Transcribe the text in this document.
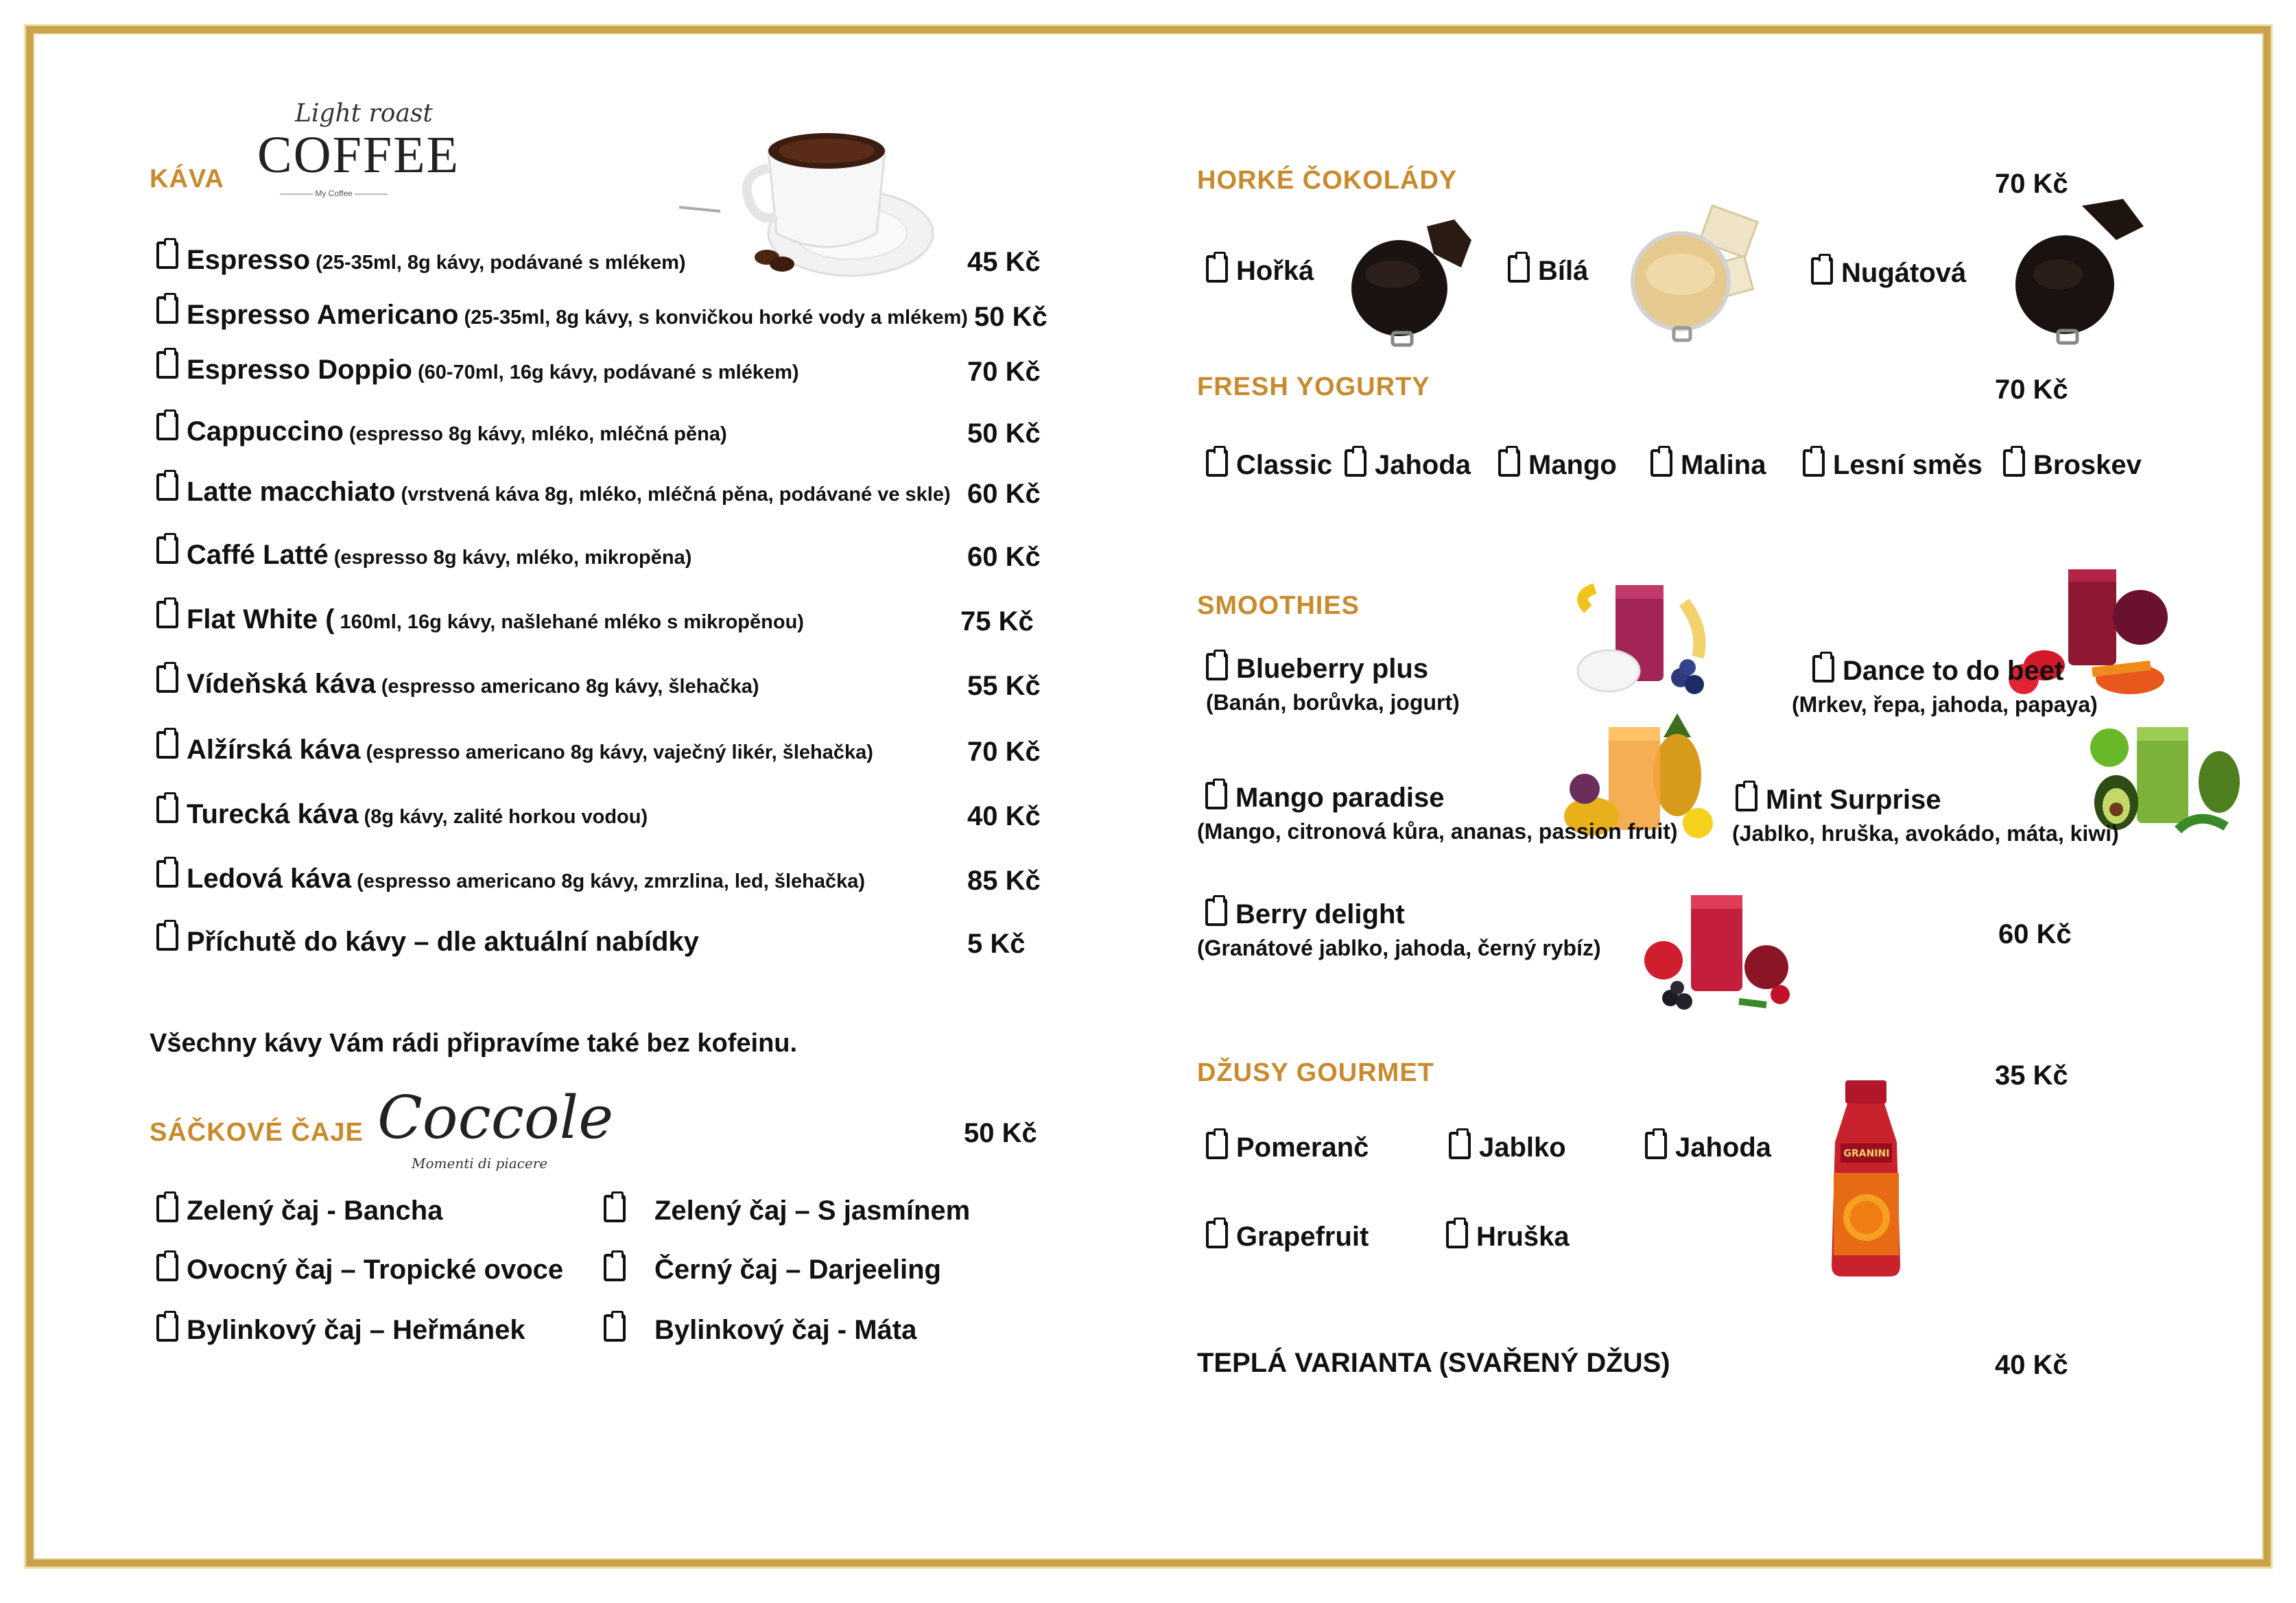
KÁVA
Light roast
COFFEE
———— My Coffee ————
Espresso (25-35ml, 8g kávy, podávané s mlékem)	45 Kč
Espresso Americano (25-35ml, 8g kávy, s konvičkou horké vody a mlékem) 50 Kč
Espresso Doppio (60-70ml, 16g kávy, podávané s mlékem)	70 Kč
Cappuccino (espresso 8g kávy, mléko, mléčná pěna)	50 Kč
Latte macchiato (vrstvená káva 8g, mléko, mléčná pěna, podávané ve skle) 60 Kč
Caffé Latté (espresso 8g kávy, mléko, mikropěna)	60 Kč
Flat White ( 160ml, 16g kávy, našlehané mléko s mikropěnou)	75 Kč
Vídeňská káva (espresso americano 8g kávy, šlehačka)	55 Kč
Alžírská káva (espresso americano 8g kávy, vaječný likér, šlehačka)	70 Kč
Turecká káva (8g kávy, zalité horkou vodou)	40 Kč
Ledová káva (espresso americano 8g kávy, zmrzlina, led, šlehačka)	85 Kč
Příchutě do kávy – dle aktuální nabídky	5 Kč
Všechny kávy Vám rádi připravíme také bez kofeinu.
SÁČKOVÉ ČAJE Coccole
Momenti di piacere
50 Kč
Zelený čaj - Bancha
Ovocný čaj – Tropické ovoce
Bylinkový čaj – Heřmánek
Zelený čaj – S jasmínem
Černý čaj – Darjeeling
Bylinkový čaj - Máta
HORKÉ ČOKOLÁDY	70 Kč
Hořká	Bílá	Nugátová
FRESH YOGURTY	70 Kč
Classic	Jahoda	Mango	Malina	Lesní směs	Broskev
SMOOTHIES
60 Kč
Blueberry plus
(Banán, borůvka, jogurt)
Dance to do beet
(Mrkev, řepa, jahoda, papaya)
Mango paradise
(Mango, citronová kůra, ananas, passion fruit)
Mint Surprise
(Jablko, hruška, avokádo, máta, kiwi)
Berry delight
(Granátové jablko, jahoda, černý rybíz)
DŽUSY GOURMET	35 Kč
Pomeranč	Jablko	Jahoda
Grapefruit	Hruška
GRANINI
TEPLÁ VARIANTA (SVAŘENÝ DŽUS)	40 Kč
